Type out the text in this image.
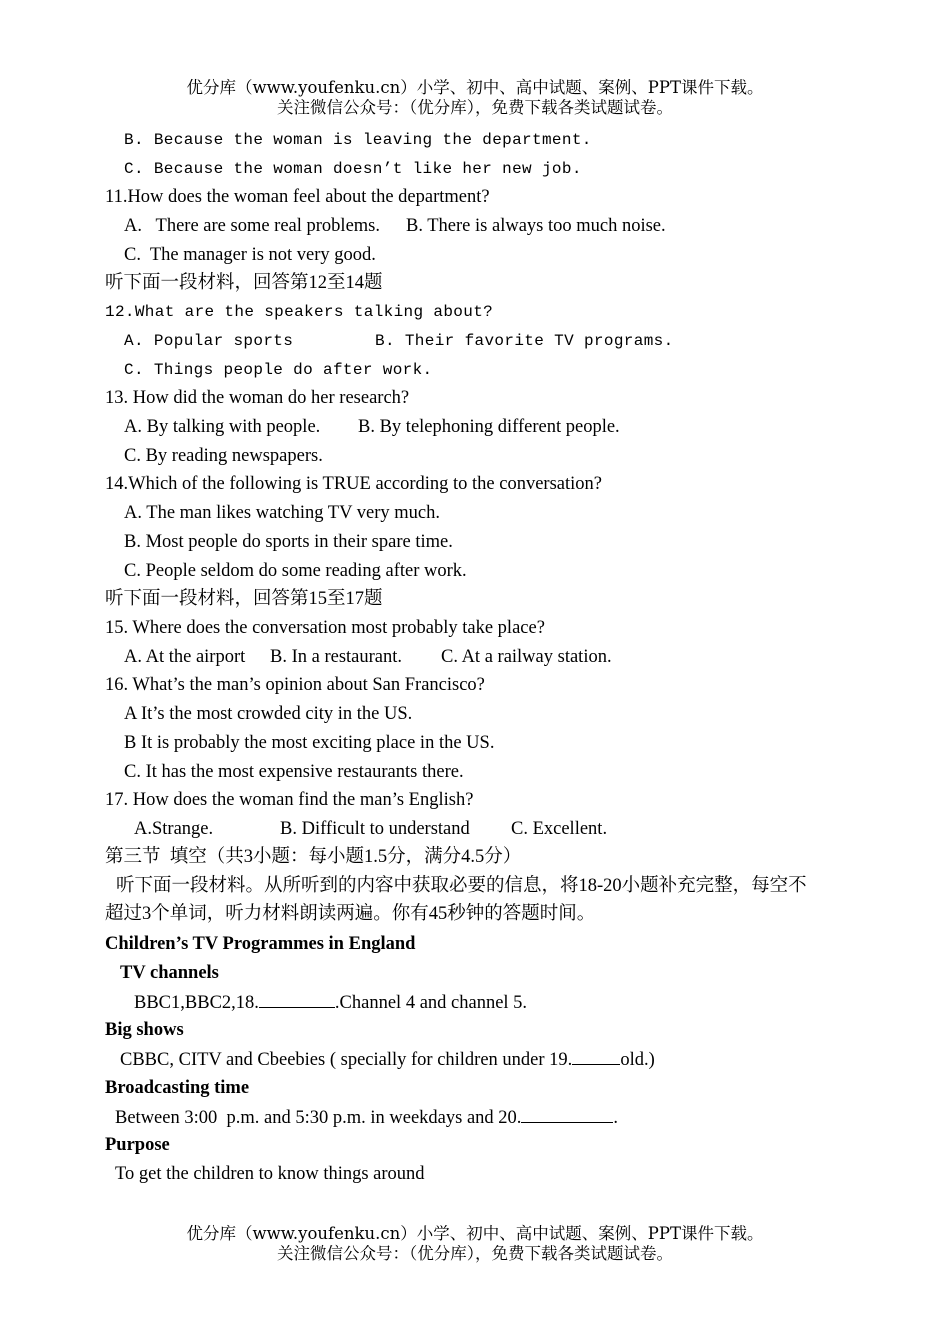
优分库（www.youfenku.cn）小学、初中、高中试题、案例、PPT课件下载。
关注微信公众号：（优分库），免费下载各类试题试卷。
B. Because the woman is leaving the department.
C. Because the woman doesn’t like her new job.
11.How does the woman feel about the department?
A.   There are some real problems. B. There is always too much noise.
C.  The manager is not very good.
听下面一段材料，回答第12至14题
12.What are the speakers talking about?
A. Popular sports	B. Their favorite TV programs.
C. Things people do after work.
13. How did the woman do her research?
A. By talking with people. B. By telephoning different people.
C. By reading newspapers.
14.Which of the following is TRUE according to the conversation?
A. The man likes watching TV very much.
B. Most people do sports in their spare time.
C. People seldom do some reading after work.
听下面一段材料，回答第15至17题
15. Where does the conversation most probably take place?
A. At the airport B. In a restaurant. C. At a railway station.
16. What’s the man’s opinion about San Francisco?
A It’s the most crowded city in the US.
B It is probably the most exciting place in the US.
C. It has the most expensive restaurants there.
17. How does the woman find the man’s English?
A.Strange.	B. Difficult to understand C. Excellent.
第三节  填空（共3小题：每小题1.5分，满分4.5分）
听下面一段材料。从所听到的内容中获取必要的信息，将18-20小题补充完整，每空不
超过3个单词，听力材料朗读两遍。你有45秒钟的答题时间。
Children’s TV Programmes in England
TV channels
BBC1,BBC2,18.	.Channel 4 and channel 5.
Big shows
CBBC, CITV and Cbeebies ( specially for children under 19.	old.)
Broadcasting time
Between 3:00  p.m. and 5:30 p.m. in weekdays and 20.	.
Purpose
To get the children to know things around
优分库（www.youfenku.cn）小学、初中、高中试题、案例、PPT课件下载。
关注微信公众号：（优分库），免费下载各类试题试卷。
